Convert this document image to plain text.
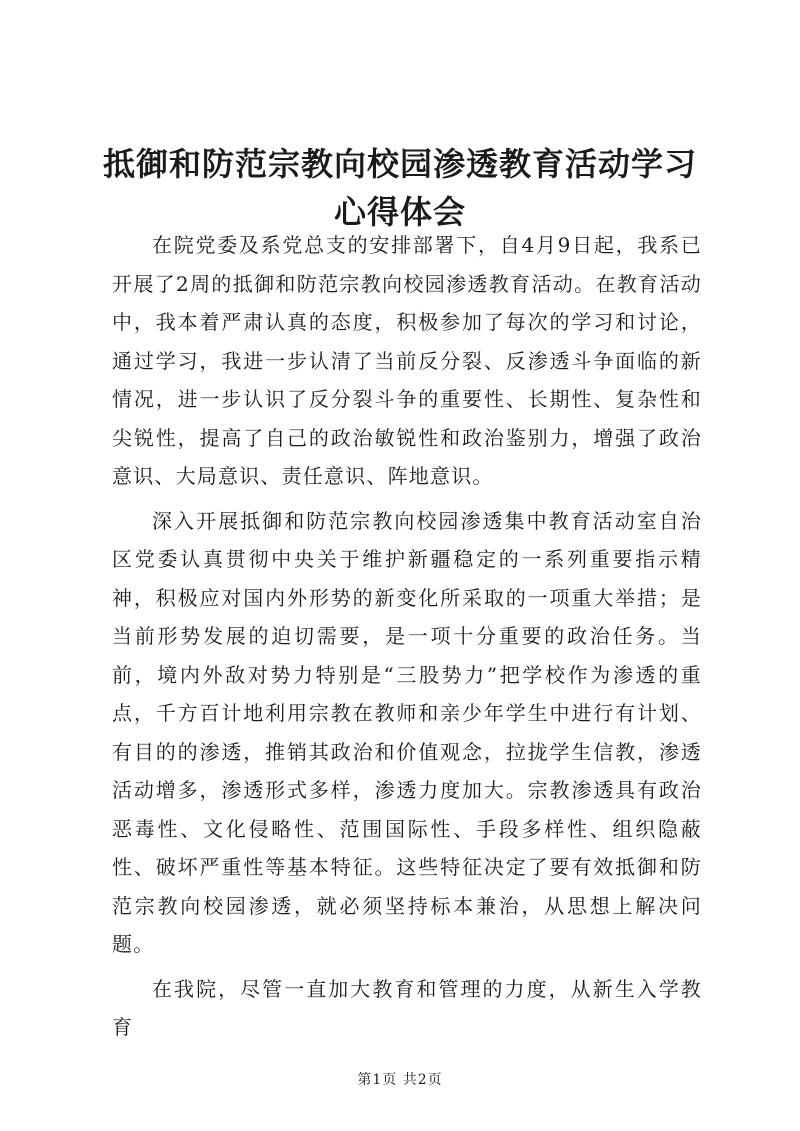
抵御和防范宗教向校园渗透教育活动学习心得体会

在院党委及系党总支的安排部署下，自4月9日起，我系已开展了2周的抵御和防范宗教向校园渗透教育活动。在教育活动中，我本着严肃认真的态度，积极参加了每次的学习和讨论，通过学习，我进一步认清了当前反分裂、反渗透斗争面临的新情况，进一步认识了反分裂斗争的重要性、长期性、复杂性和尖锐性，提高了自己的政治敏锐性和政治鉴别力，增强了政治意识、大局意识、责任意识、阵地意识。

深入开展抵御和防范宗教向校园渗透集中教育活动室自治区党委认真贯彻中央关于维护新疆稳定的一系列重要指示精神，积极应对国内外形势的新变化所采取的一项重大举措；是当前形势发展的迫切需要，是一项十分重要的政治任务。当前，境内外敌对势力特别是“三股势力”把学校作为渗透的重点，千方百计地利用宗教在教师和亲少年学生中进行有计划、有目的的渗透，推销其政治和价值观念，拉拢学生信教，渗透活动增多，渗透形式多样，渗透力度加大。宗教渗透具有政治恶毒性、文化侵略性、范围国际性、手段多样性、组织隐蔽性、破坏严重性等基本特征。这些特征决定了要有效抵御和防范宗教向校园渗透，就必须坚持标本兼治，从思想上解决问题。

在我院，尽管一直加大教育和管理的力度，从新生入学教育

第1页 共2页
